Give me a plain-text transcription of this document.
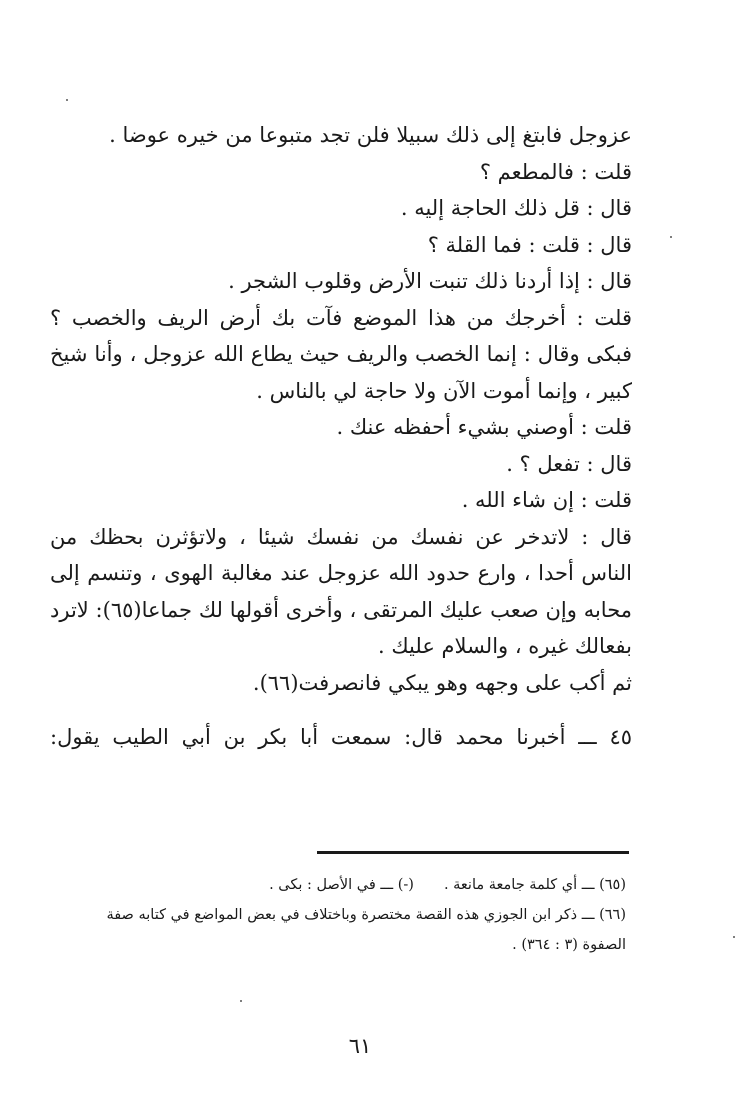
عزوجل فابتغ إلى ذلك سبيلا فلن تجد متبوعا من خيره عوضا .
قلت : فالمطعم ؟
قال : قل ذلك الحاجة إليه .
قال : قلت : فما القلة ؟
قال : إذا أردنا ذلك تنبت الأرض وقلوب الشجر .
قلت : أخرجك من هذا الموضع فآت بك أرض الريف والخصب ؟
فبكى وقال : إنما الخصب والريف حيث يطاع الله عزوجل ، وأنا شيخ
كبير ، وإنما أموت الآن ولا حاجة لي بالناس .
قلت : أوصني بشيء أحفظه عنك .
قال : تفعل ؟ .
قلت : إن شاء الله .
قال : لاتدخر عن نفسك من نفسك شيئا ، ولاتؤثرن بحظك من
الناس أحدا ، وارع حدود الله عزوجل عند مغالبة الهوى ، وتنسم إلى
محابه وإن صعب عليك المرتقى ، وأخرى أقولها لك جماعا(٦٥): لاترد
بفعالك غيره ، والسلام عليك .
ثم أكب على وجهه وهو يبكي فانصرفت(٦٦).
٤٥ ـــ أخبرنا محمد قال: سمعت أبا بكر بن أبي الطيب يقول:
(٦٥) ـــ أي كلمة جامعة مانعة .(-) ـــ في الأصل : بكى .
(٦٦) ـــ ذكر ابن الجوزي هذه القصة مختصرة وباختلاف في بعض المواضع في كتابه صفة
الصفوة (٣ : ٣٦٤) .
٦١
